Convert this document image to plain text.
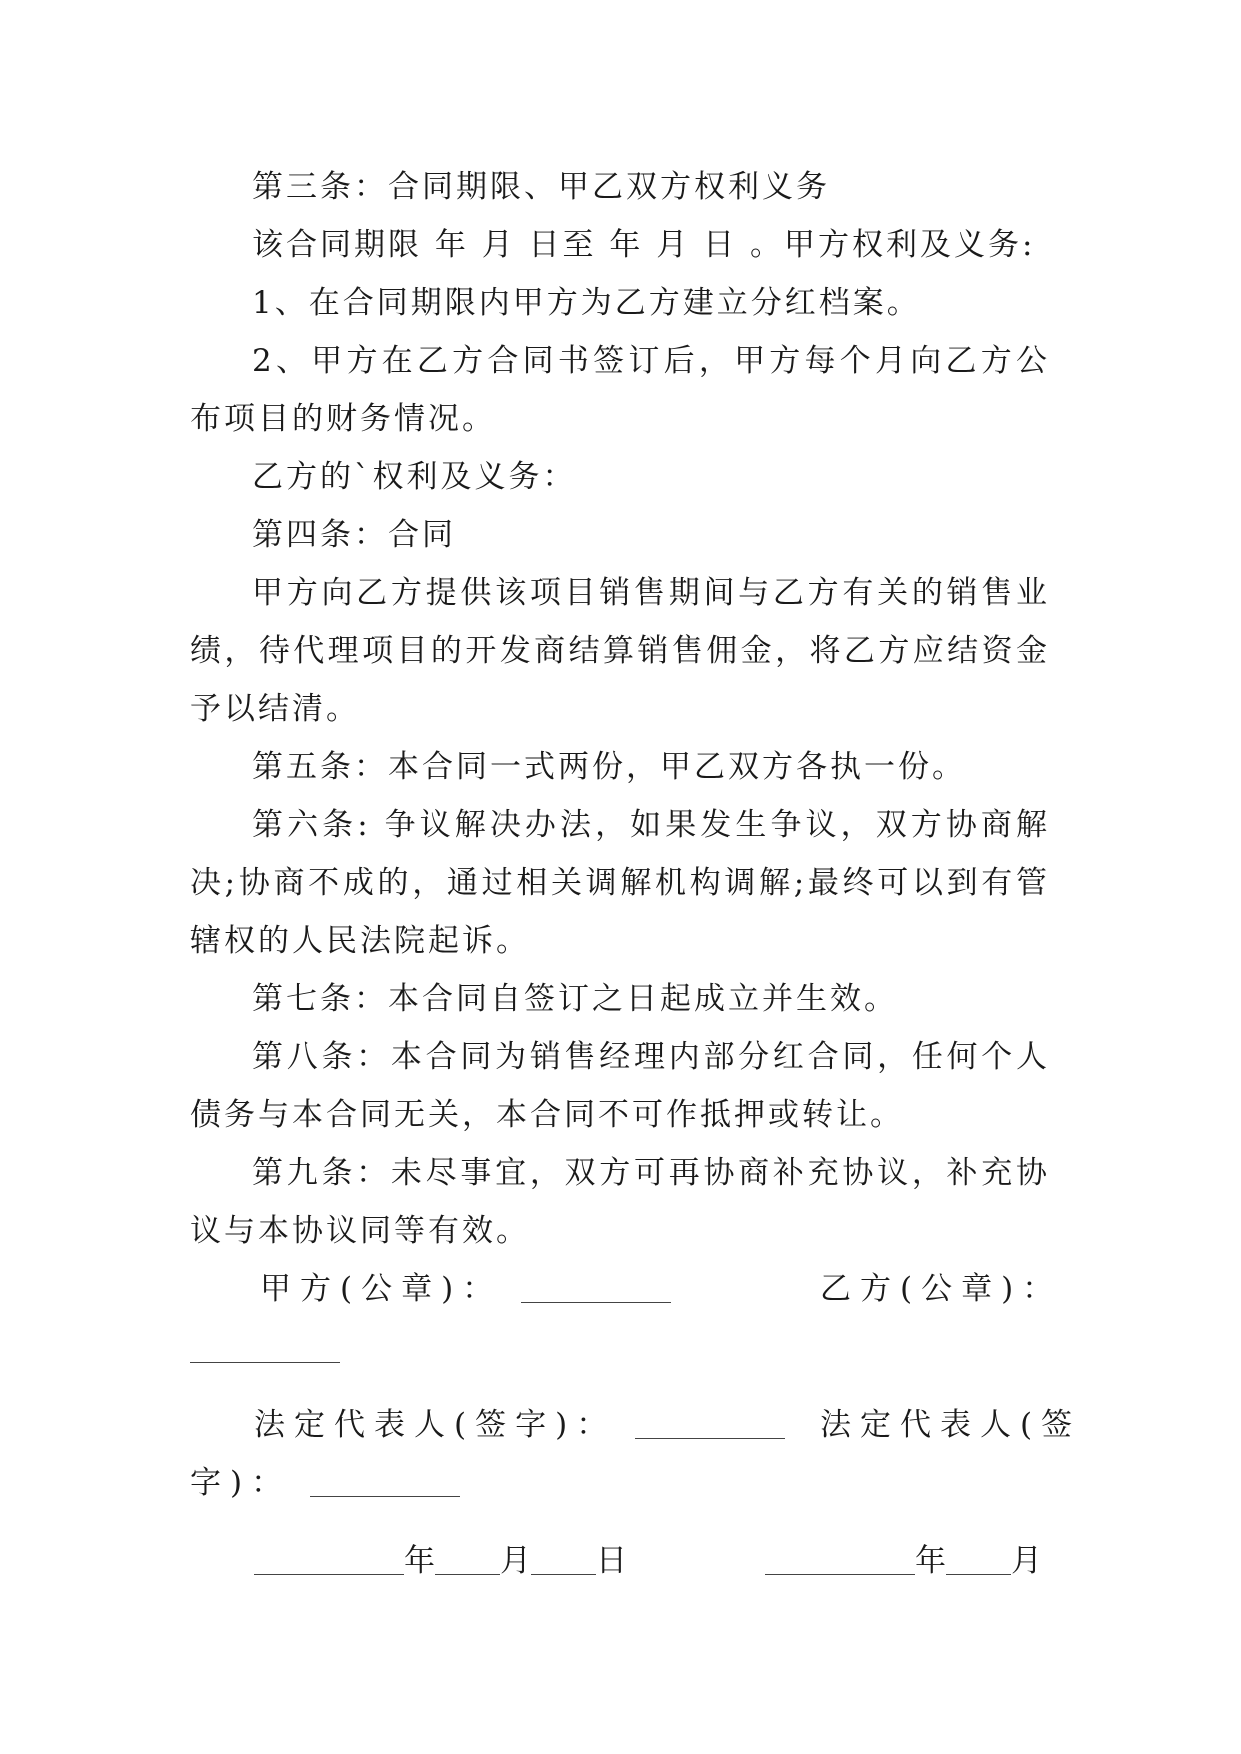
第三条：合同期限、甲乙双方权利义务

该合同期限 年 月 日至 年 月 日 。甲方权利及义务:

1、在合同期限内甲方为乙方建立分红档案。

2、甲方在乙方合同书签订后，甲方每个月向乙方公布项目的财务情况。

乙方的`权利及义务：

第四条：合同

甲方向乙方提供该项目销售期间与乙方有关的销售业绩，待代理项目的开发商结算销售佣金，将乙方应结资金予以结清。

第五条：本合同一式两份，甲乙双方各执一份。

第六条: 争议解决办法，如果发生争议，双方协商解决;协商不成的，通过相关调解机构调解;最终可以到有管辖权的人民法院起诉。

第七条：本合同自签订之日起成立并生效。

第八条：本合同为销售经理内部分红合同，任何个人债务与本合同无关，本合同不可作抵押或转让。

第九条：未尽事宜，双方可再协商补充协议，补充协议与本协议同等有效。

甲方(公章)：	乙方(公章)：
法定代表人(签字)：	法定代表人(签
字)：
年 月 日	年 月
